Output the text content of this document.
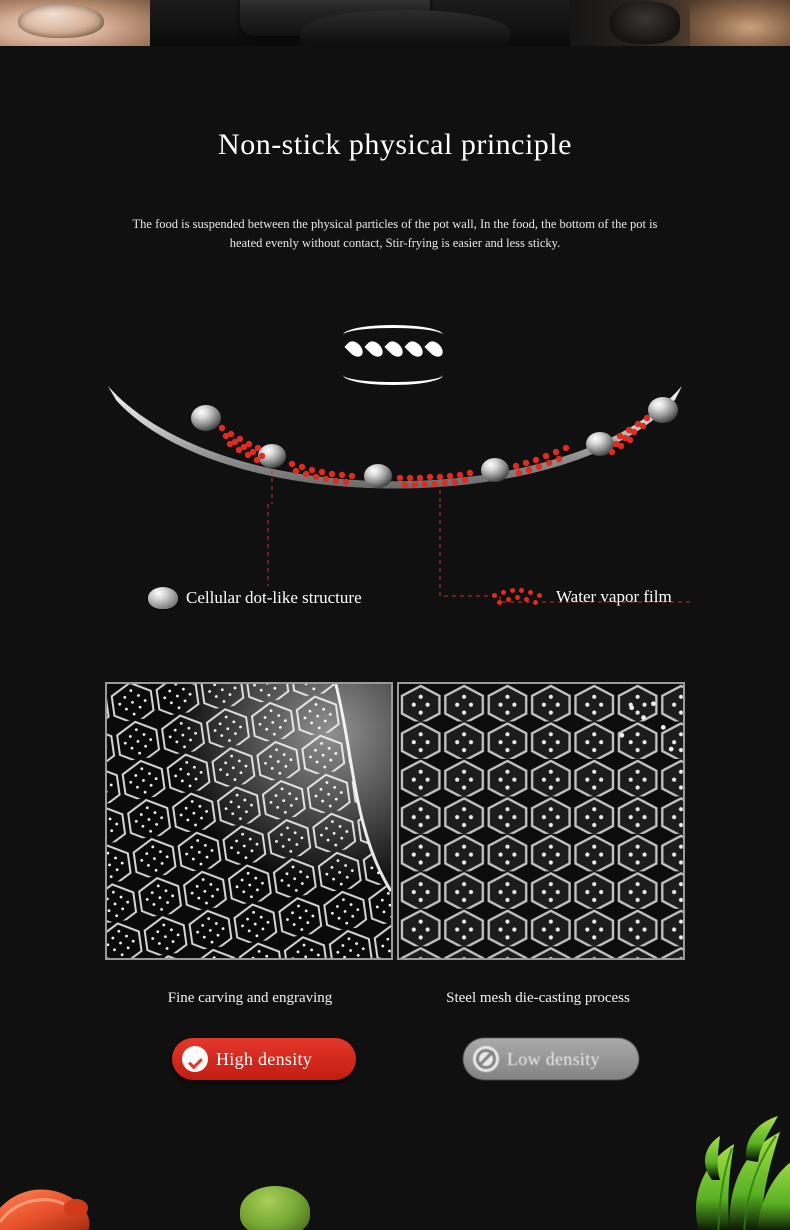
Non-stick physical principle
The food is suspended between the physical particles of the pot wall, In the food, the bottom of the pot is heated evenly without contact, Stir-frying is easier and less sticky.
Cellular dot-like structure	Water vapor film
Fine carving and engraving	Steel mesh die-casting process
High density	Low density
